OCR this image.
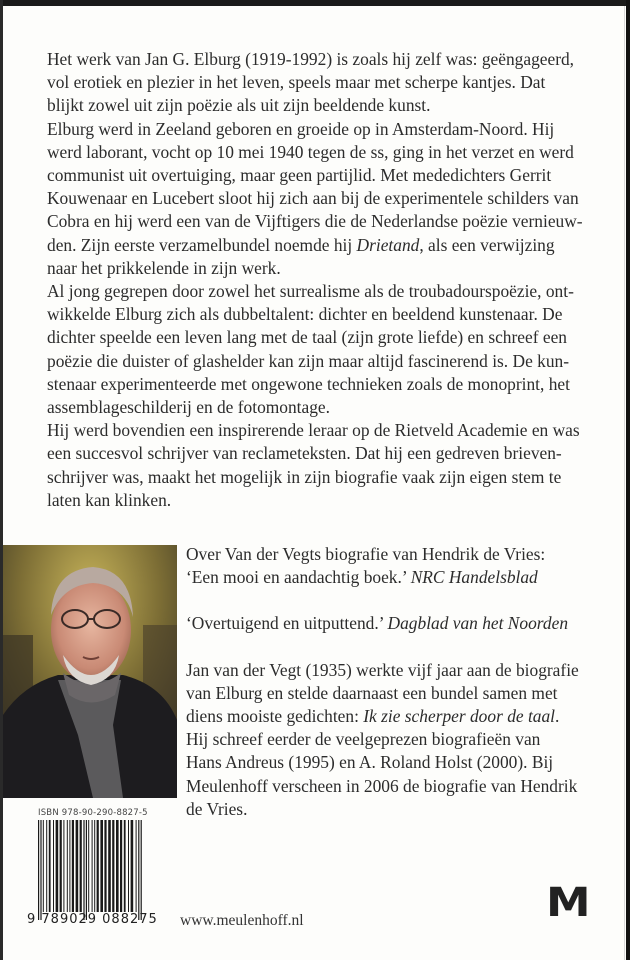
Het werk van Jan G. Elburg (1919-1992) is zoals hij zelf was: geëngageerd,
vol erotiek en plezier in het leven, speels maar met scherpe kantjes. Dat
blijkt zowel uit zijn poëzie als uit zijn beeldende kunst.

Elburg werd in Zeeland geboren en groeide op in Amsterdam-Noord. Hij
werd laborant, vocht op 10 mei 1940 tegen de ss, ging in het verzet en werd
communist uit overtuiging, maar geen partijlid. Met mededichters Gerrit
Kouwenaar en Lucebert sloot hij zich aan bij de experimentele schilders van
Cobra en hij werd een van de Vijftigers die de Nederlandse poëzie vernieuw-
den. Zijn eerste verzamelbundel noemde hij Drietand, als een verwijzing
naar het prikkelende in zijn werk.

Al jong gegrepen door zowel het surrealisme als de troubadourspoëzie, ont-
wikkelde Elburg zich als dubbeltalent: dichter en beeldend kunstenaar. De
dichter speelde een leven lang met de taal (zijn grote liefde) en schreef een
poëzie die duister of glashelder kan zijn maar altijd fascinerend is. De kun-
stenaar experimenteerde met ongewone technieken zoals de monoprint, het
assemblageschilderij en de fotomontage.

Hij werd bovendien een inspirerende leraar op de Rietveld Academie en was
een succesvol schrijver van reclameteksten. Dat hij een gedreven brieven-
schrijver was, maakt het mogelijk in zijn biografie vaak zijn eigen stem te
laten kan klinken.

Over Van der Vegts biografie van Hendrik de Vries:
‘Een mooi en aandachtig boek.’ NRC Handelsblad
‘Overtuigend en uitputtend.’ Dagblad van het Noorden
Jan van der Vegt (1935) werkte vijf jaar aan de biografie
van Elburg en stelde daarnaast een bundel samen met
diens mooiste gedichten: Ik zie scherper door de taal.
Hij schreef eerder de veelgeprezen biografieën van
Hans Andreus (1995) en A. Roland Holst (2000). Bij
Meulenhoff verscheen in 2006 de biografie van Hendrik
de Vries.
ISBN 978-90-290-8827-5
9 789029 088275 www.meulenhoff.nl	M
